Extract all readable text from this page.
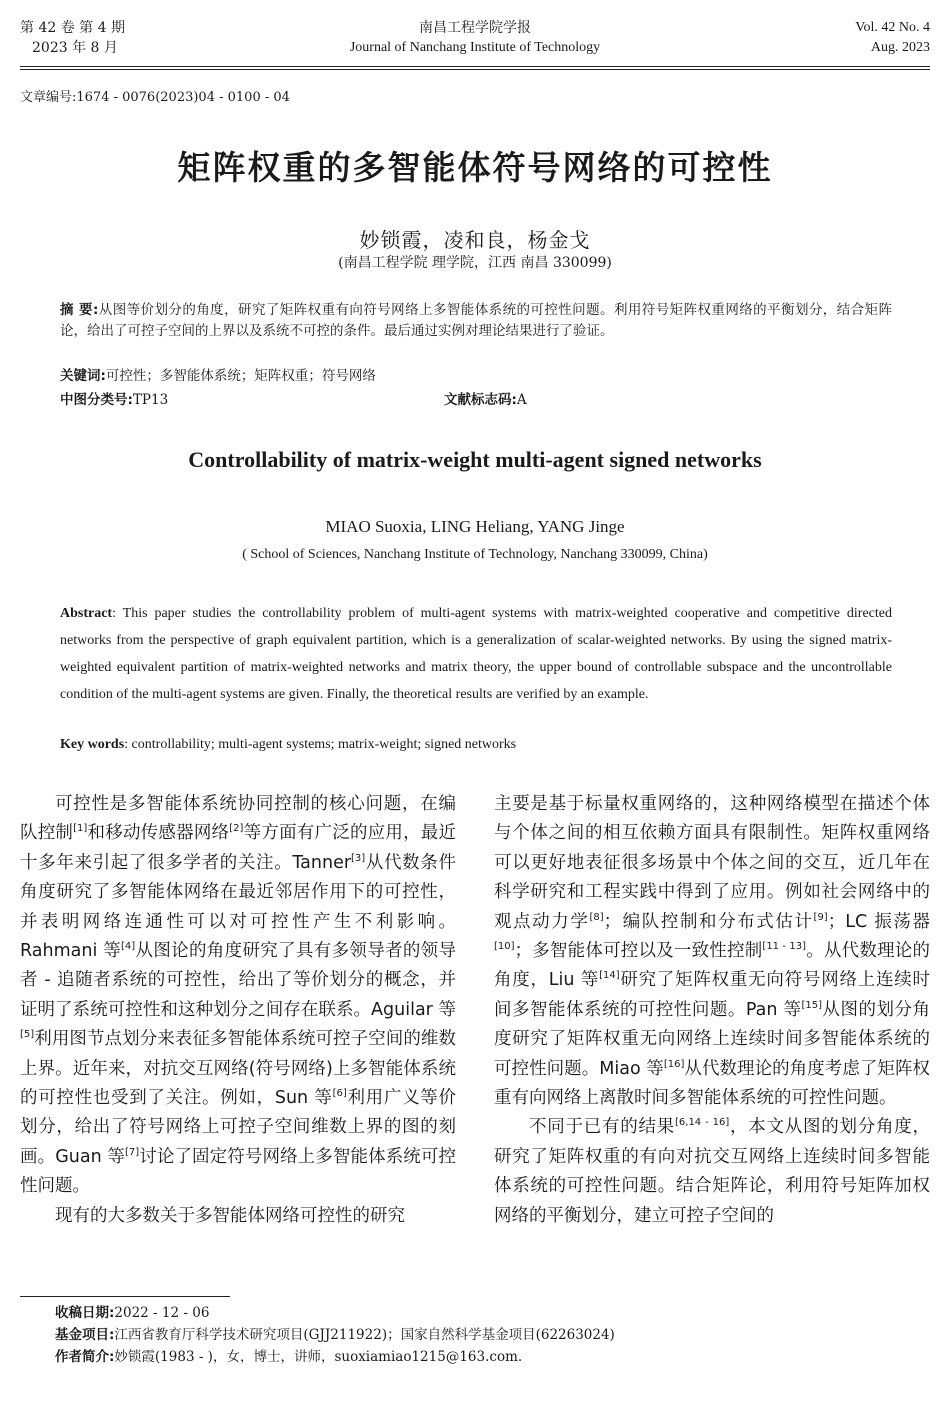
第 42 卷 第 4 期
2023 年 8 月
南昌工程学院学报
Journal of Nanchang Institute of Technology
Vol. 42 No. 4
Aug. 2023
文章编号:1674 - 0076(2023)04 - 0100 - 04
矩阵权重的多智能体符号网络的可控性
妙锁霞，凌和良，杨金戈
(南昌工程学院 理学院，江西 南昌 330099)
摘 要:从图等价划分的角度，研究了矩阵权重有向符号网络上多智能体系统的可控性问题。利用符号矩阵权重网络的平衡划分，结合矩阵论，给出了可控子空间的上界以及系统不可控的条件。最后通过实例对理论结果进行了验证。
关键词:可控性；多智能体系统；矩阵权重；符号网络
中图分类号:TP13	文献标志码:A
Controllability of matrix-weight multi-agent signed networks
MIAO Suoxia, LING Heliang, YANG Jinge
( School of Sciences, Nanchang Institute of Technology, Nanchang 330099, China)
Abstract: This paper studies the controllability problem of multi-agent systems with matrix-weighted cooperative and competitive directed networks from the perspective of graph equivalent partition, which is a generalization of scalar-weighted networks. By using the signed matrix-weighted equivalent partition of matrix-weighted networks and matrix theory, the upper bound of controllable subspace and the uncontrollable condition of the multi-agent systems are given. Finally, the theoretical results are verified by an example.
Key words: controllability; multi-agent systems; matrix-weight; signed networks

可控性是多智能体系统协同控制的核心问题，在编队控制[1]和移动传感器网络[2]等方面有广泛的应用，最近十多年来引起了很多学者的关注。Tanner[3]从代数条件角度研究了多智能体网络在最近邻居作用下的可控性，并表明网络连通性可以对可控性产生不利影响。Rahmani 等[4]从图论的角度研究了具有多领导者的领导者 - 追随者系统的可控性，给出了等价划分的概念，并证明了系统可控性和这种划分之间存在联系。Aguilar 等[5]利用图节点划分来表征多智能体系统可控子空间的维数上界。近年来，对抗交互网络(符号网络)上多智能体系统的可控性也受到了关注。例如，Sun 等[6]利用广义等价划分，给出了符号网络上可控子空间维数上界的图的刻画。Guan 等[7]讨论了固定符号网络上多智能体系统可控性问题。

现有的大多数关于多智能体网络可控性的研究

主要是基于标量权重网络的，这种网络模型在描述个体与个体之间的相互依赖方面具有限制性。矩阵权重网络可以更好地表征很多场景中个体之间的交互，近几年在科学研究和工程实践中得到了应用。例如社会网络中的观点动力学[8]；编队控制和分布式估计[9]；LC 振荡器[10]；多智能体可控以及一致性控制[11 - 13]。从代数理论的角度，Liu 等[14]研究了矩阵权重无向符号网络上连续时间多智能体系统的可控性问题。Pan 等[15]从图的划分角度研究了矩阵权重无向网络上连续时间多智能体系统的可控性问题。Miao 等[16]从代数理论的角度考虑了矩阵权重有向网络上离散时间多智能体系统的可控性问题。

不同于已有的结果[6,14 - 16]，本文从图的划分角度，研究了矩阵权重的有向对抗交互网络上连续时间多智能体系统的可控性问题。结合矩阵论，利用符号矩阵加权网络的平衡划分，建立可控子空间的

收稿日期:2022 - 12 - 06
基金项目:江西省教育厅科学技术研究项目(GJJ211922)；国家自然科学基金项目(62263024)
作者简介:妙锁霞(1983 - )，女，博士，讲师，suoxiamiao1215@163.com.
